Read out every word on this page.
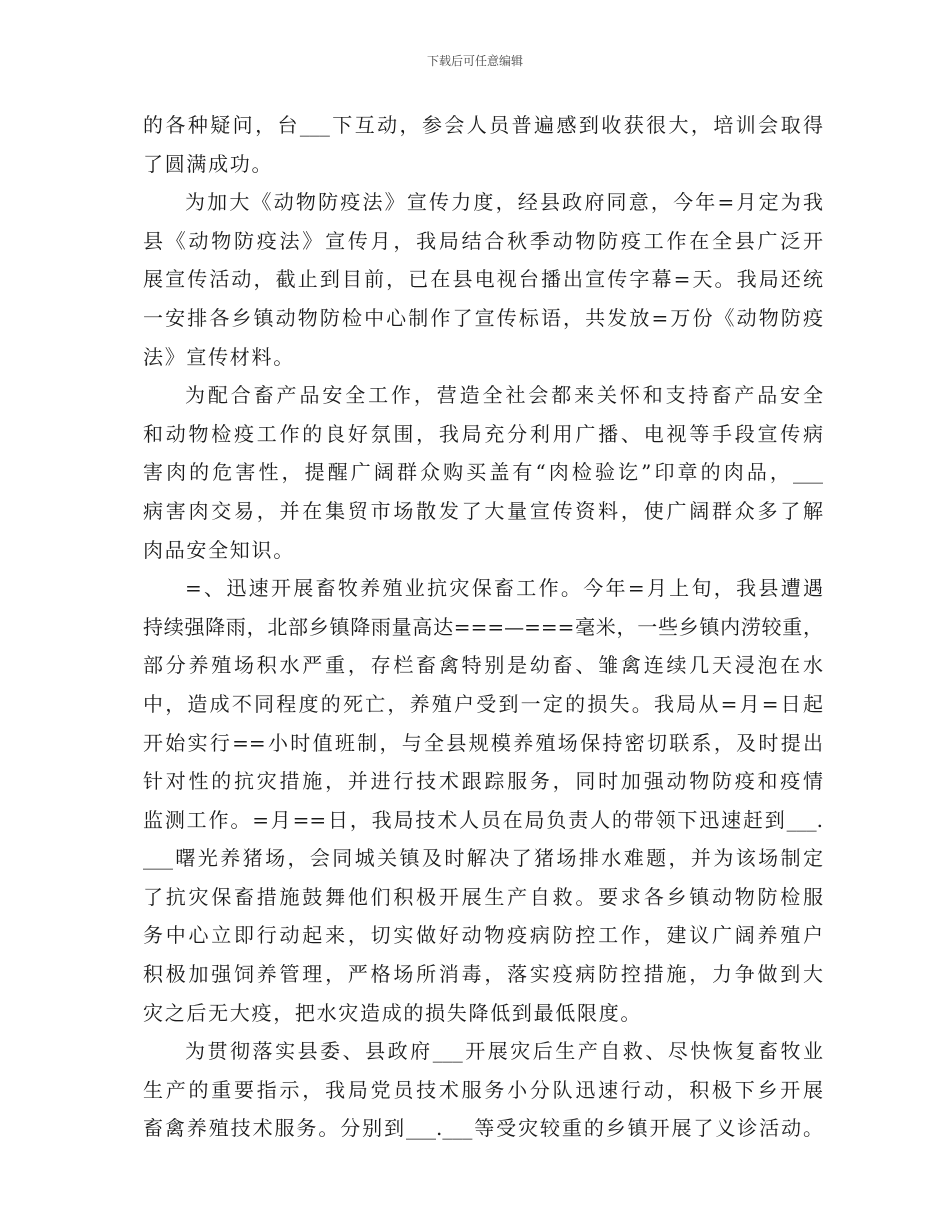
下载后可任意编辑
的各种疑问，台___下互动，参会人员普遍感到收获很大，培训会取得
了圆满成功。
为加大《动物防疫法》宣传力度，经县政府同意，今年=月定为我
县《动物防疫法》宣传月，我局结合秋季动物防疫工作在全县广泛开
展宣传活动，截止到目前，已在县电视台播出宣传字幕=天。我局还统
一安排各乡镇动物防检中心制作了宣传标语，共发放=万份《动物防疫
法》宣传材料。
为配合畜产品安全工作，营造全社会都来关怀和支持畜产品安全
和动物检疫工作的良好氛围，我局充分利用广播、电视等手段宣传病
害肉的危害性，提醒广阔群众购买盖有“肉检验讫”印章的肉品，___
病害肉交易，并在集贸市场散发了大量宣传资料，使广阔群众多了解
肉品安全知识。
=、迅速开展畜牧养殖业抗灾保畜工作。今年=月上旬，我县遭遇
持续强降雨，北部乡镇降雨量高达===—===毫米，一些乡镇内涝较重，
部分养殖场积水严重，存栏畜禽特别是幼畜、雏禽连续几天浸泡在水
中，造成不同程度的死亡，养殖户受到一定的损失。我局从=月=日起
开始实行==小时值班制，与全县规模养殖场保持密切联系，及时提出
针对性的抗灾措施，并进行技术跟踪服务，同时加强动物防疫和疫情
监测工作。=月==日，我局技术人员在局负责人的带领下迅速赶到___.
___曙光养猪场，会同城关镇及时解决了猪场排水难题，并为该场制定
了抗灾保畜措施鼓舞他们积极开展生产自救。要求各乡镇动物防检服
务中心立即行动起来，切实做好动物疫病防控工作，建议广阔养殖户
积极加强饲养管理，严格场所消毒，落实疫病防控措施，力争做到大
灾之后无大疫，把水灾造成的损失降低到最低限度。
为贯彻落实县委、县政府___开展灾后生产自救、尽快恢复畜牧业
生产的重要指示，我局党员技术服务小分队迅速行动，积极下乡开展
畜禽养殖技术服务。分别到___.___等受灾较重的乡镇开展了义诊活动。
